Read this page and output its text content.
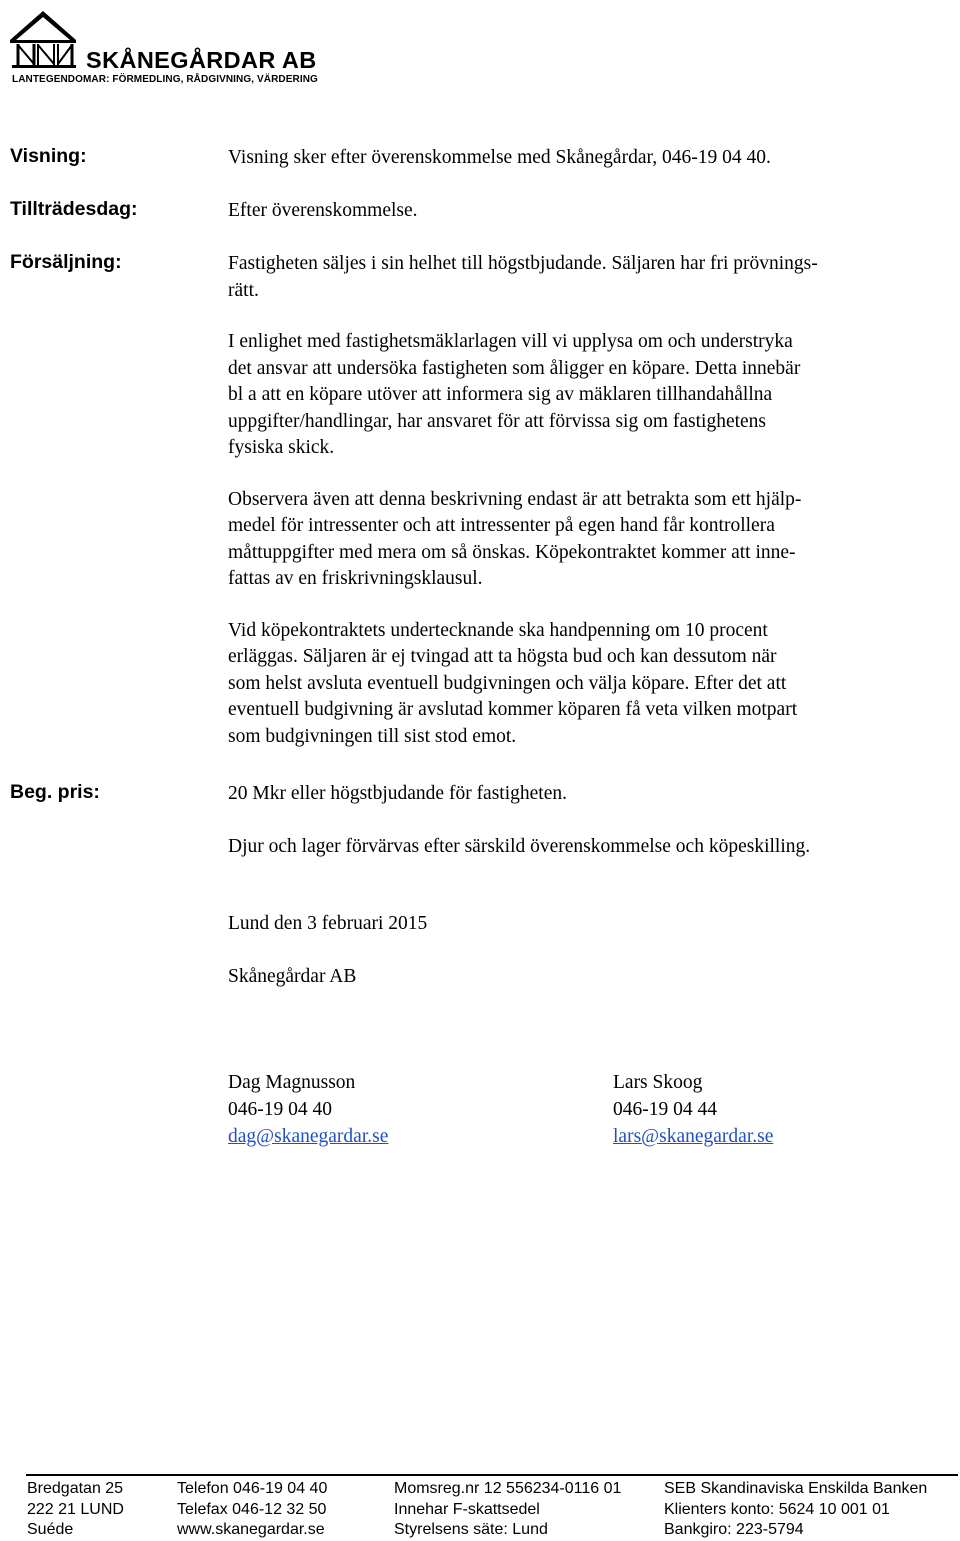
SKÅNEGÅRDAR AB
LANTEGENDOMAR: FÖRMEDLING, RÅDGIVNING, VÄRDERING
Visning:	Visning sker efter överenskommelse med Skånegårdar, 046-19 04 40.

Tillträdesdag:	Efter överenskommelse.

Försäljning:	Fastigheten säljes i sin helhet till högstbjudande. Säljaren har fri prövnings-
rätt.

I enlighet med fastighetsmäklarlagen vill vi upplysa om och understryka
det ansvar att undersöka fastigheten som åligger en köpare. Detta innebär
bl a att en köpare utöver att informera sig av mäklaren tillhandahållna
uppgifter/handlingar, har ansvaret för att förvissa sig om fastighetens
fysiska skick.

Observera även att denna beskrivning endast är att betrakta som ett hjälp-
medel för intressenter och att intressenter på egen hand får kontrollera
måttuppgifter med mera om så önskas. Köpekontraktet kommer att inne-
fattas av en friskrivningsklausul.

Vid köpekontraktets undertecknande ska handpenning om 10 procent
erläggas. Säljaren är ej tvingad att ta högsta bud och kan dessutom när
som helst avsluta eventuell budgivningen och välja köpare. Efter det att
eventuell budgivning är avslutad kommer köparen få veta vilken motpart
som budgivningen till sist stod emot.

Beg. pris:	20 Mkr eller högstbjudande för fastigheten.

Djur och lager förvärvas efter särskild överenskommelse och köpeskilling.

Lund den 3 februari 2015
Skånegårdar AB
Dag Magnusson
046-19 04 40
dag@skanegardar.se
Lars Skoog
046-19 04 44
lars@skanegardar.se
Bredgatan 25
222 21 LUND
Suéde
Telefon 046-19 04 40
Telefax 046-12 32 50
www.skanegardar.se
Momsreg.nr 12 556234-0116 01
Innehar F-skattsedel
Styrelsens säte: Lund
SEB Skandinaviska Enskilda Banken
Klienters konto: 5624 10 001 01
Bankgiro: 223-5794
